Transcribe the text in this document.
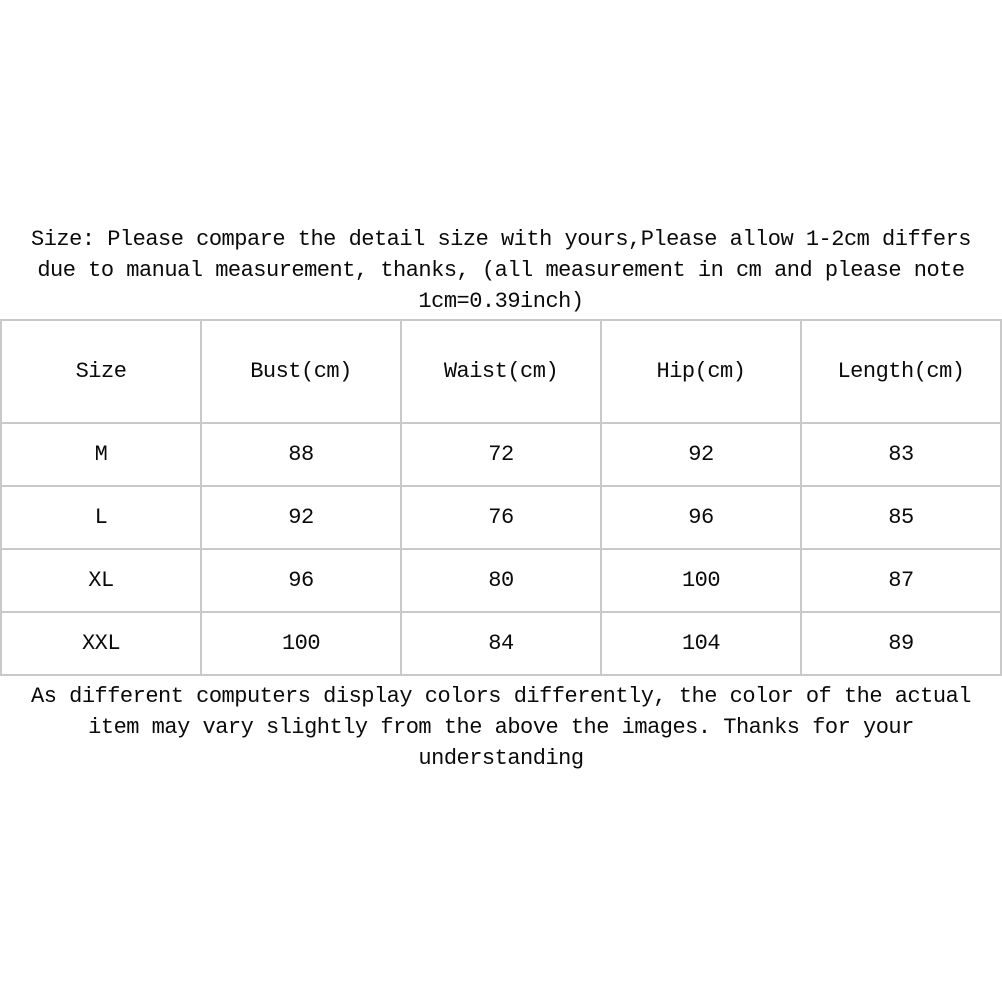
Size: Please compare the detail size with yours,Please allow 1-2cm differs
due to manual measurement, thanks, (all measurement in cm and please note
1cm=0.39inch)
Size	Bust(cm)	Waist(cm)	Hip(cm)	Length(cm)
M	88	72	92	83
L	92	76	96	85
XL	96	80	100	87
XXL	100	84	104	89
As different computers display colors differently, the color of the actual
item may vary slightly from the above the images. Thanks for your
understanding
